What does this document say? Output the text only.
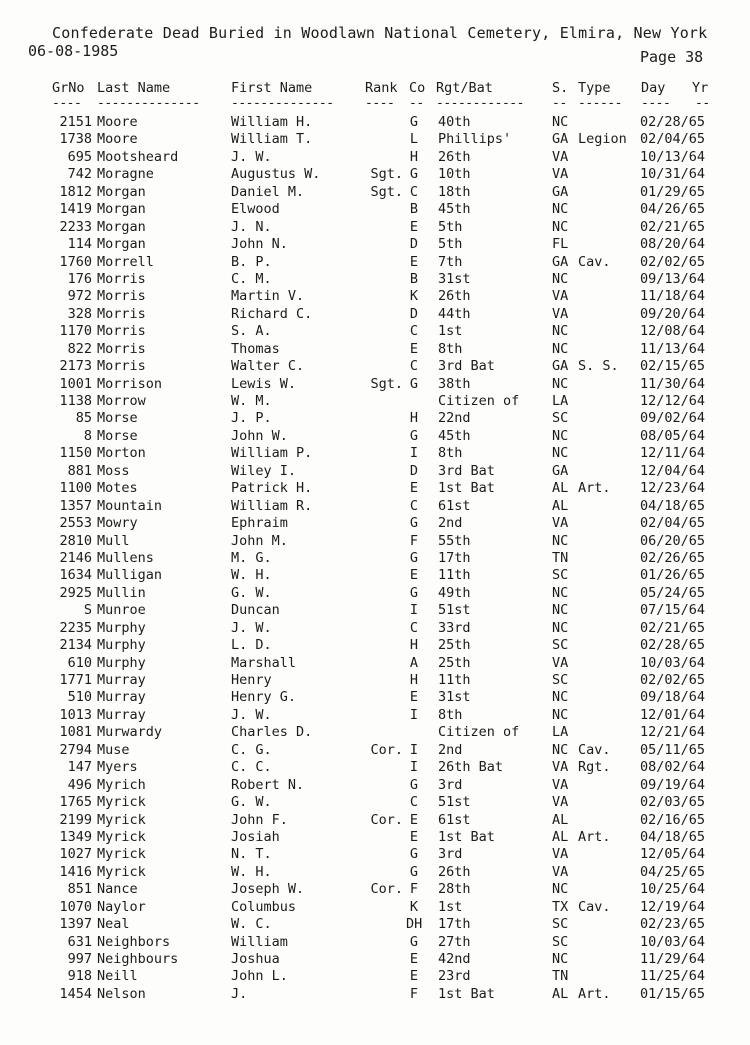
Confederate Dead Buried in Woodlawn National Cemetery, Elmira, New York
06-08-1985	Page 38
GrNo Last Name	First Name	Rank Co Rgt/Bat	S. Type Day Yr
---- -------------- -------------- ---- -- ------------ -- ------ ---- --
2151 Moore	William H.	G 40th	NC	02/28/65
1738 Moore	William T.	L Phillips'	GA Legion 02/04/65
695 Mootsheard	J. W.	H 26th	VA	10/13/64
742 Moragne	Augustus W.	Sgt. G 10th	VA	10/31/64
1812 Morgan	Daniel M.	Sgt. C 18th	GA	01/29/65
1419 Morgan	Elwood	B 45th	NC	04/26/65
2233 Morgan	J. N.	E 5th	NC	02/21/65
114 Morgan	John N.	D 5th	FL	08/20/64
1760 Morrell	B. P.	E 7th	GA Cav. 02/02/65
176 Morris	C. M.	B 31st	NC	09/13/64
972 Morris	Martin V.	K 26th	VA	11/18/64
328 Morris	Richard C.	D 44th	VA	09/20/64
1170 Morris	S. A.	C 1st	NC	12/08/64
822 Morris	Thomas	E 8th	NC	11/13/64
2173 Morris	Walter C.	C 3rd Bat	GA S. S. 02/15/65
1001 Morrison	Lewis W.	Sgt. G 38th	NC	11/30/64
1138 Morrow	W. M.	Citizen of LA	12/12/64
85 Morse	J. P.	H 22nd	SC	09/02/64
8 Morse	John W.	G 45th	NC	08/05/64
1150 Morton	William P.	I 8th	NC	12/11/64
881 Moss	Wiley I.	D 3rd Bat	GA	12/04/64
1100 Motes	Patrick H.	E 1st Bat	AL Art. 12/23/64
1357 Mountain	William R.	C 61st	AL	04/18/65
2553 Mowry	Ephraim	G 2nd	VA	02/04/65
2810 Mull	John M.	F 55th	NC	06/20/65
2146 Mullens	M. G.	G 17th	TN	02/26/65
1634 Mulligan	W. H.	E 11th	SC	01/26/65
2925 Mullin	G. W.	G 49th	NC	05/24/65
S Munroe	Duncan	I 51st	NC	07/15/64
2235 Murphy	J. W.	C 33rd	NC	02/21/65
2134 Murphy	L. D.	H 25th	SC	02/28/65
610 Murphy	Marshall	A 25th	VA	10/03/64
1771 Murray	Henry	H 11th	SC	02/02/65
510 Murray	Henry G.	E 31st	NC	09/18/64
1013 Murray	J. W.	I 8th	NC	12/01/64
1081 Murwardy	Charles D.	Citizen of LA	12/21/64
2794 Muse	C. G.	Cor. I 2nd	NC Cav. 05/11/65
147 Myers	C. C.	I 26th Bat	VA Rgt. 08/02/64
496 Myrich	Robert N.	G 3rd	VA	09/19/64
1765 Myrick	G. W.	C 51st	VA	02/03/65
2199 Myrick	John F.	Cor. E 61st	AL	02/16/65
1349 Myrick	Josiah	E 1st Bat	AL Art. 04/18/65
1027 Myrick	N. T.	G 3rd	VA	12/05/64
1416 Myrick	W. H.	G 26th	VA	04/25/65
851 Nance	Joseph W.	Cor. F 28th	NC	10/25/64
1070 Naylor	Columbus	K 1st	TX Cav. 12/19/64
1397 Neal	W. C.	DH 17th	SC	02/23/65
631 Neighbors	William	G 27th	SC	10/03/64
997 Neighbours	Joshua	E 42nd	NC	11/29/64
918 Neill	John L.	E 23rd	TN	11/25/64
1454 Nelson	J.	F 1st Bat	AL Art. 01/15/65
